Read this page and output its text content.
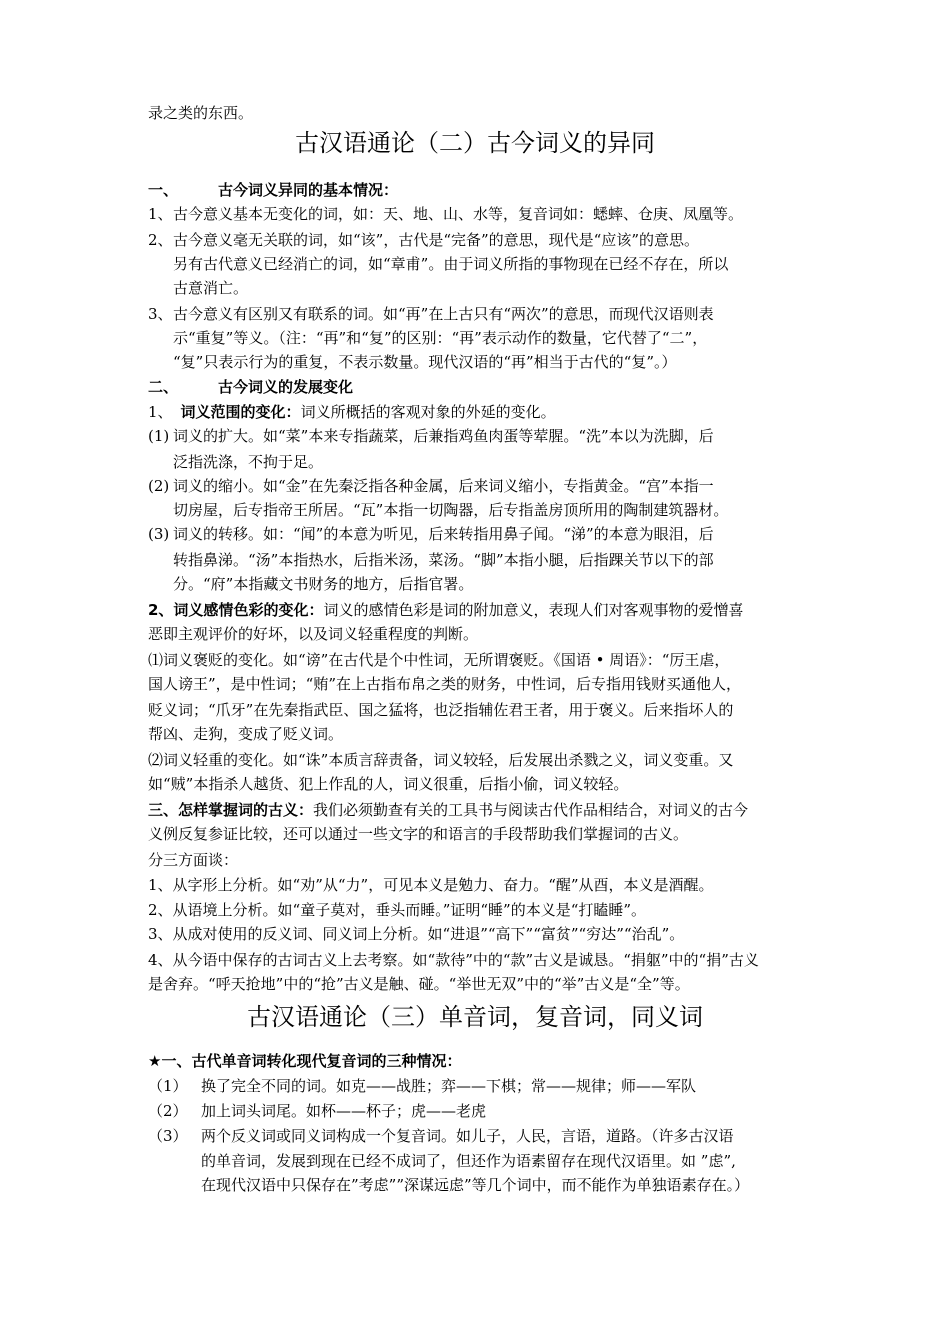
录之类的东西。
古汉语通论（二）古今词义的异同
一、	古今词义异同的基本情况：
1、 古今意义基本无变化的词，如：天、地、山、水等，复音词如：蟋蟀、仓庚、凤凰等。
2、 古今意义毫无关联的词，如“该”，古代是“完备”的意思，现代是“应该”的意思。
另有古代意义已经消亡的词，如“章甫”。由于词义所指的事物现在已经不存在，所以
古意消亡。
3、 古今意义有区别又有联系的词。如“再”在上古只有“两次”的意思，而现代汉语则表
示“重复”等义。（注：“再”和“复”的区别：“再”表示动作的数量，它代替了“二”，
“复”只表示行为的重复，不表示数量。现代汉语的“再”相当于古代的“复”。）
二、	古今词义的发展变化
1、 词义范围的变化：词义所概括的客观对象的外延的变化。
(1) 词义的扩大。如“菜”本来专指蔬菜，后兼指鸡鱼肉蛋等荤腥。“洗”本以为洗脚，后
泛指洗涤，不拘于足。
(2) 词义的缩小。如“金”在先秦泛指各种金属，后来词义缩小，专指黄金。“宫”本指一
切房屋，后专指帝王所居。“瓦”本指一切陶器，后专指盖房顶所用的陶制建筑器材。
(3) 词义的转移。如：“闻”的本意为听见，后来转指用鼻子闻。“涕”的本意为眼泪，后
转指鼻涕。“汤”本指热水，后指米汤，菜汤。“脚”本指小腿，后指踝关节以下的部
分。“府”本指藏文书财务的地方，后指官署。
2、词义感情色彩的变化：词义的感情色彩是词的附加意义，表现人们对客观事物的爱憎喜
恶即主观评价的好坏，以及词义轻重程度的判断。
⑴词义褒贬的变化。如“谤”在古代是个中性词，无所谓褒贬。《国语 • 周语》：“厉王虐，
国人谤王”，是中性词；“贿”在上古指布帛之类的财务，中性词，后专指用钱财买通他人，
贬义词；“爪牙”在先秦指武臣、国之猛将，也泛指辅佐君王者，用于褒义。后来指坏人的
帮凶、走狗，变成了贬义词。
⑵词义轻重的变化。如“诛”本质言辞责备，词义较轻，后发展出杀戮之义，词义变重。又
如“贼”本指杀人越货、犯上作乱的人，词义很重，后指小偷，词义较轻。
三、怎样掌握词的古义：我们必须勤查有关的工具书与阅读古代作品相结合，对词义的古今
义例反复参证比较，还可以通过一些文字的和语言的手段帮助我们掌握词的古义。
分三方面谈：
1、从字形上分析。如“劝”从“力”，可见本义是勉力、奋力。“醒”从酉，本义是酒醒。
2、从语境上分析。如“童子莫对，垂头而睡。”证明“睡”的本义是“打瞌睡”。
3、从成对使用的反义词、同义词上分析。如“进退”“高下”“富贫”“穷达”“治乱”。
4、从今语中保存的古词古义上去考察。如“款待”中的“款”古义是诚恳。“捐躯”中的“捐”古义
是舍弃。“呼天抢地”中的“抢”古义是触、碰。“举世无双”中的“举”古义是“全”等。
古汉语通论（三）单音词，复音词，同义词
★一、古代单音词转化现代复音词的三种情况：
（1） 换了完全不同的词。如克——战胜；弈——下棋；常——规律；师——军队
（2） 加上词头词尾。如杯——杯子；虎——老虎
（3） 两个反义词或同义词构成一个复音词。如儿子，人民，言语，道路。（许多古汉语
的单音词，发展到现在已经不成词了，但还作为语素留存在现代汉语里。如 ”虑”,
在现代汉语中只保存在”考虑””深谋远虑”等几个词中，而不能作为单独语素存在。）
